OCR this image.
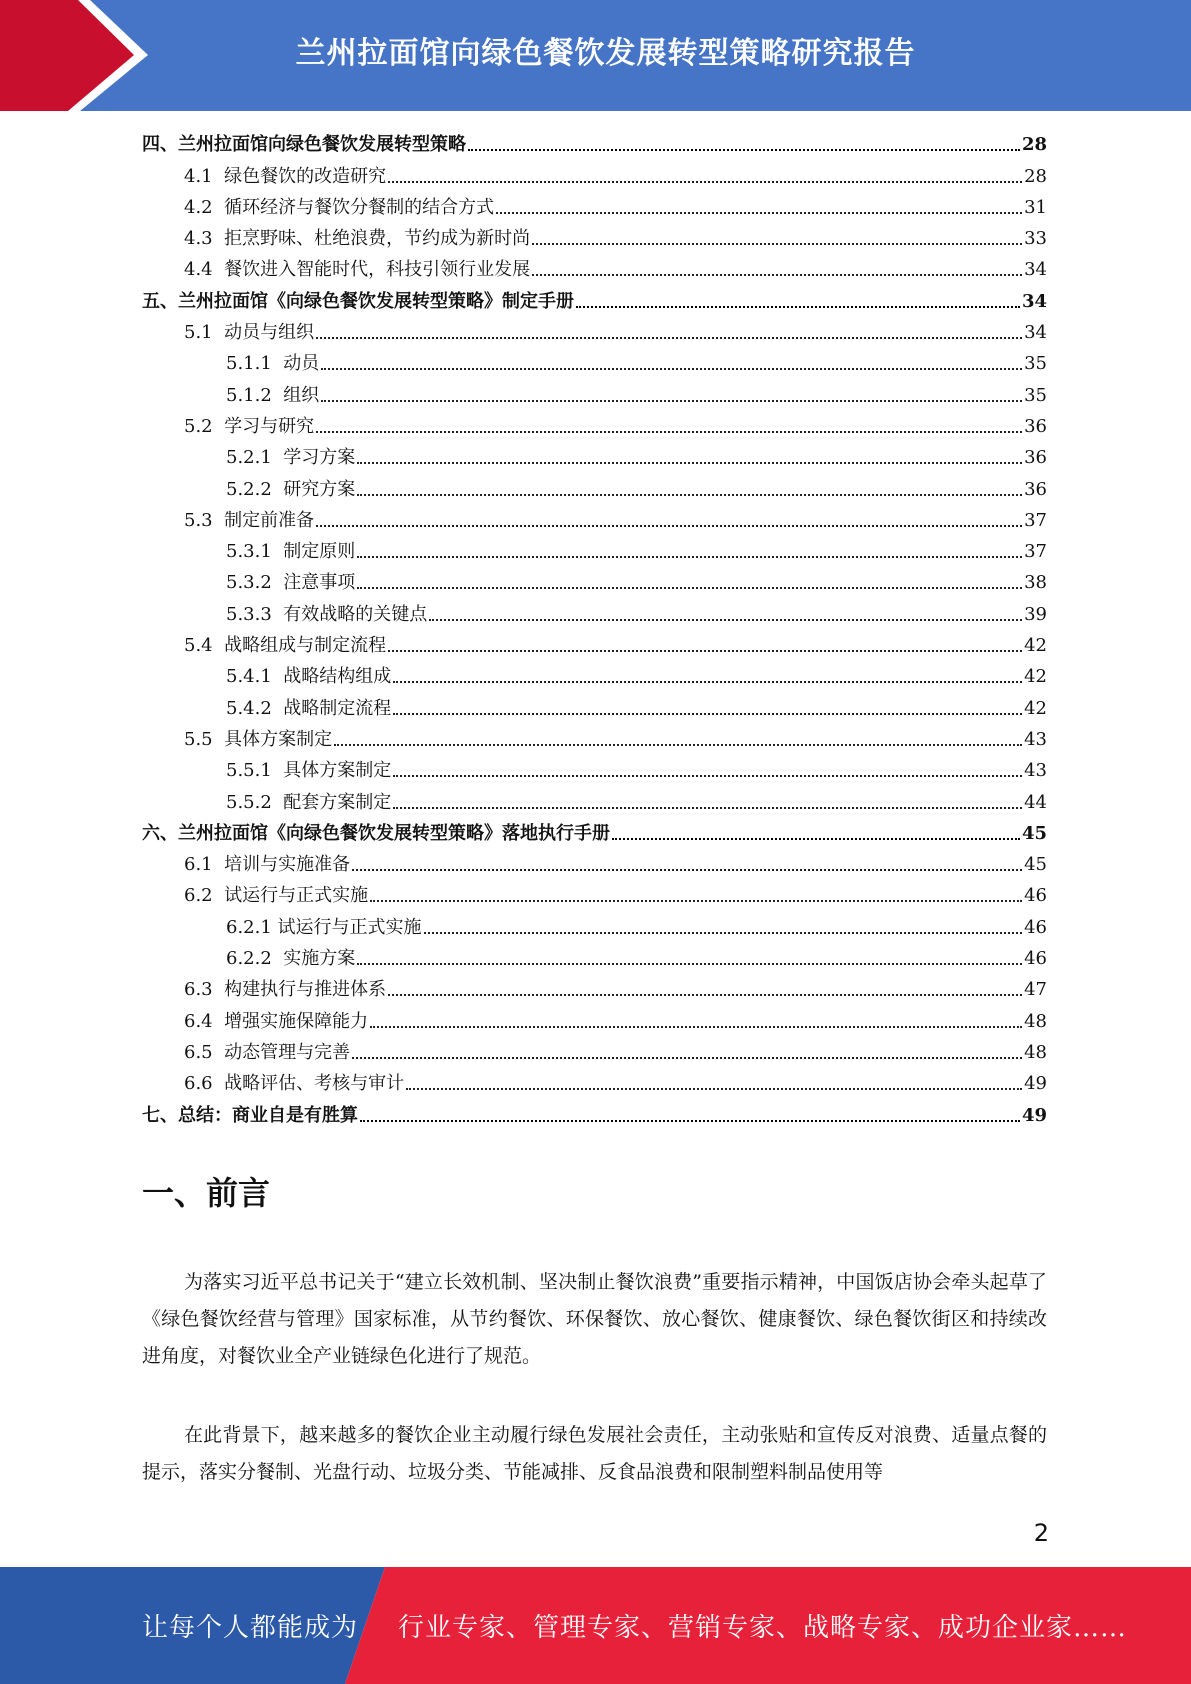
兰州拉面馆向绿色餐饮发展转型策略研究报告
四、兰州拉面馆向绿色餐饮发展转型策略	28
4.1 绿色餐饮的改造研究	28
4.2 循环经济与餐饮分餐制的结合方式	31
4.3 拒烹野味、杜绝浪费，节约成为新时尚	33
4.4 餐饮进入智能时代，科技引领行业发展	34
五、兰州拉面馆《向绿色餐饮发展转型策略》制定手册	34
5.1 动员与组织	34
5.1.1 动员	35
5.1.2 组织	35
5.2 学习与研究	36
5.2.1 学习方案	36
5.2.2 研究方案	36
5.3 制定前准备	37
5.3.1 制定原则	37
5.3.2 注意事项	38
5.3.3 有效战略的关键点	39
5.4 战略组成与制定流程	42
5.4.1 战略结构组成	42
5.4.2 战略制定流程	42
5.5 具体方案制定	43
5.5.1 具体方案制定	43
5.5.2 配套方案制定	44
六、兰州拉面馆《向绿色餐饮发展转型策略》落地执行手册	45
6.1 培训与实施准备	45
6.2 试运行与正式实施	46
6.2.1 试运行与正式实施	46
6.2.2 实施方案	46
6.3 构建执行与推进体系	47
6.4 增强实施保障能力	48
6.5 动态管理与完善	48
6.6 战略评估、考核与审计	49
七、总结：商业自是有胜算	49
一、前言

为落实习近平总书记关于“建立长效机制、坚决制止餐饮浪费”重要指示精神，中国饭店协会牵头起草了《绿色餐饮经营与管理》国家标准，从节约餐饮、环保餐饮、放心餐饮、健康餐饮、绿色餐饮街区和持续改进角度，对餐饮业全产业链绿色化进行了规范。

在此背景下，越来越多的餐饮企业主动履行绿色发展社会责任，主动张贴和宣传反对浪费、适量点餐的提示，落实分餐制、光盘行动、垃圾分类、节能减排、反食品浪费和限制塑料制品使用等

2
让每个人都能成为 行业专家、管理专家、营销专家、战略专家、成功企业家……
